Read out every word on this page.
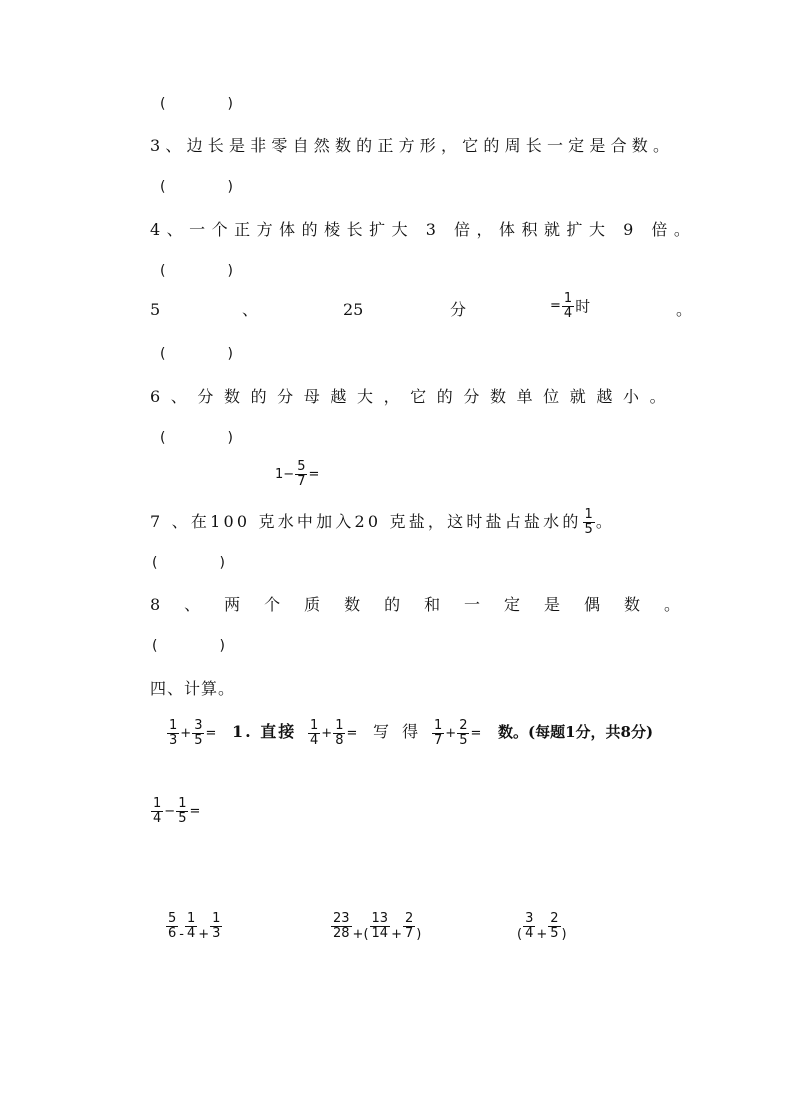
(	)
3、边长是非零自然数的正方形，它的周长一定是合数。
(	)
4、一个正方体的棱长扩大 3 倍，体积就扩大 9 倍。
(	)
5	、	25	分	= $\frac{1}{4}$ 时	。
(	)
6、分数的分母越大，它的分数单位就越小。
(	)
$1- \frac{5}{7}$ =
7 、在100 克水中加入20 克盐，这时盐占盐水的 $\frac{1}{5}$ 。
(	)
8 、 两 个 质 数 的 和 一 定 是 偶 数 。
(	)
四、计算。
$\frac{1}{3} + \frac{3}{5} = 1$. 直接 $\frac{1}{4} + \frac{1}{8}$ = 写 得 $\frac{1}{7} + \frac{2}{5}$ = 数。(每题1分，共8分)
$\frac{1}{4} - \frac{1}{5}$ =
$\frac{5}{6} _- \frac{1}{4} _+ \frac{1}{3}$	$\frac{23}{28} _{+(} \frac{13}{14} _+ \frac{2}{7} _)$	$_( \frac{3}{4} _+ \frac{2}{5} _)$
